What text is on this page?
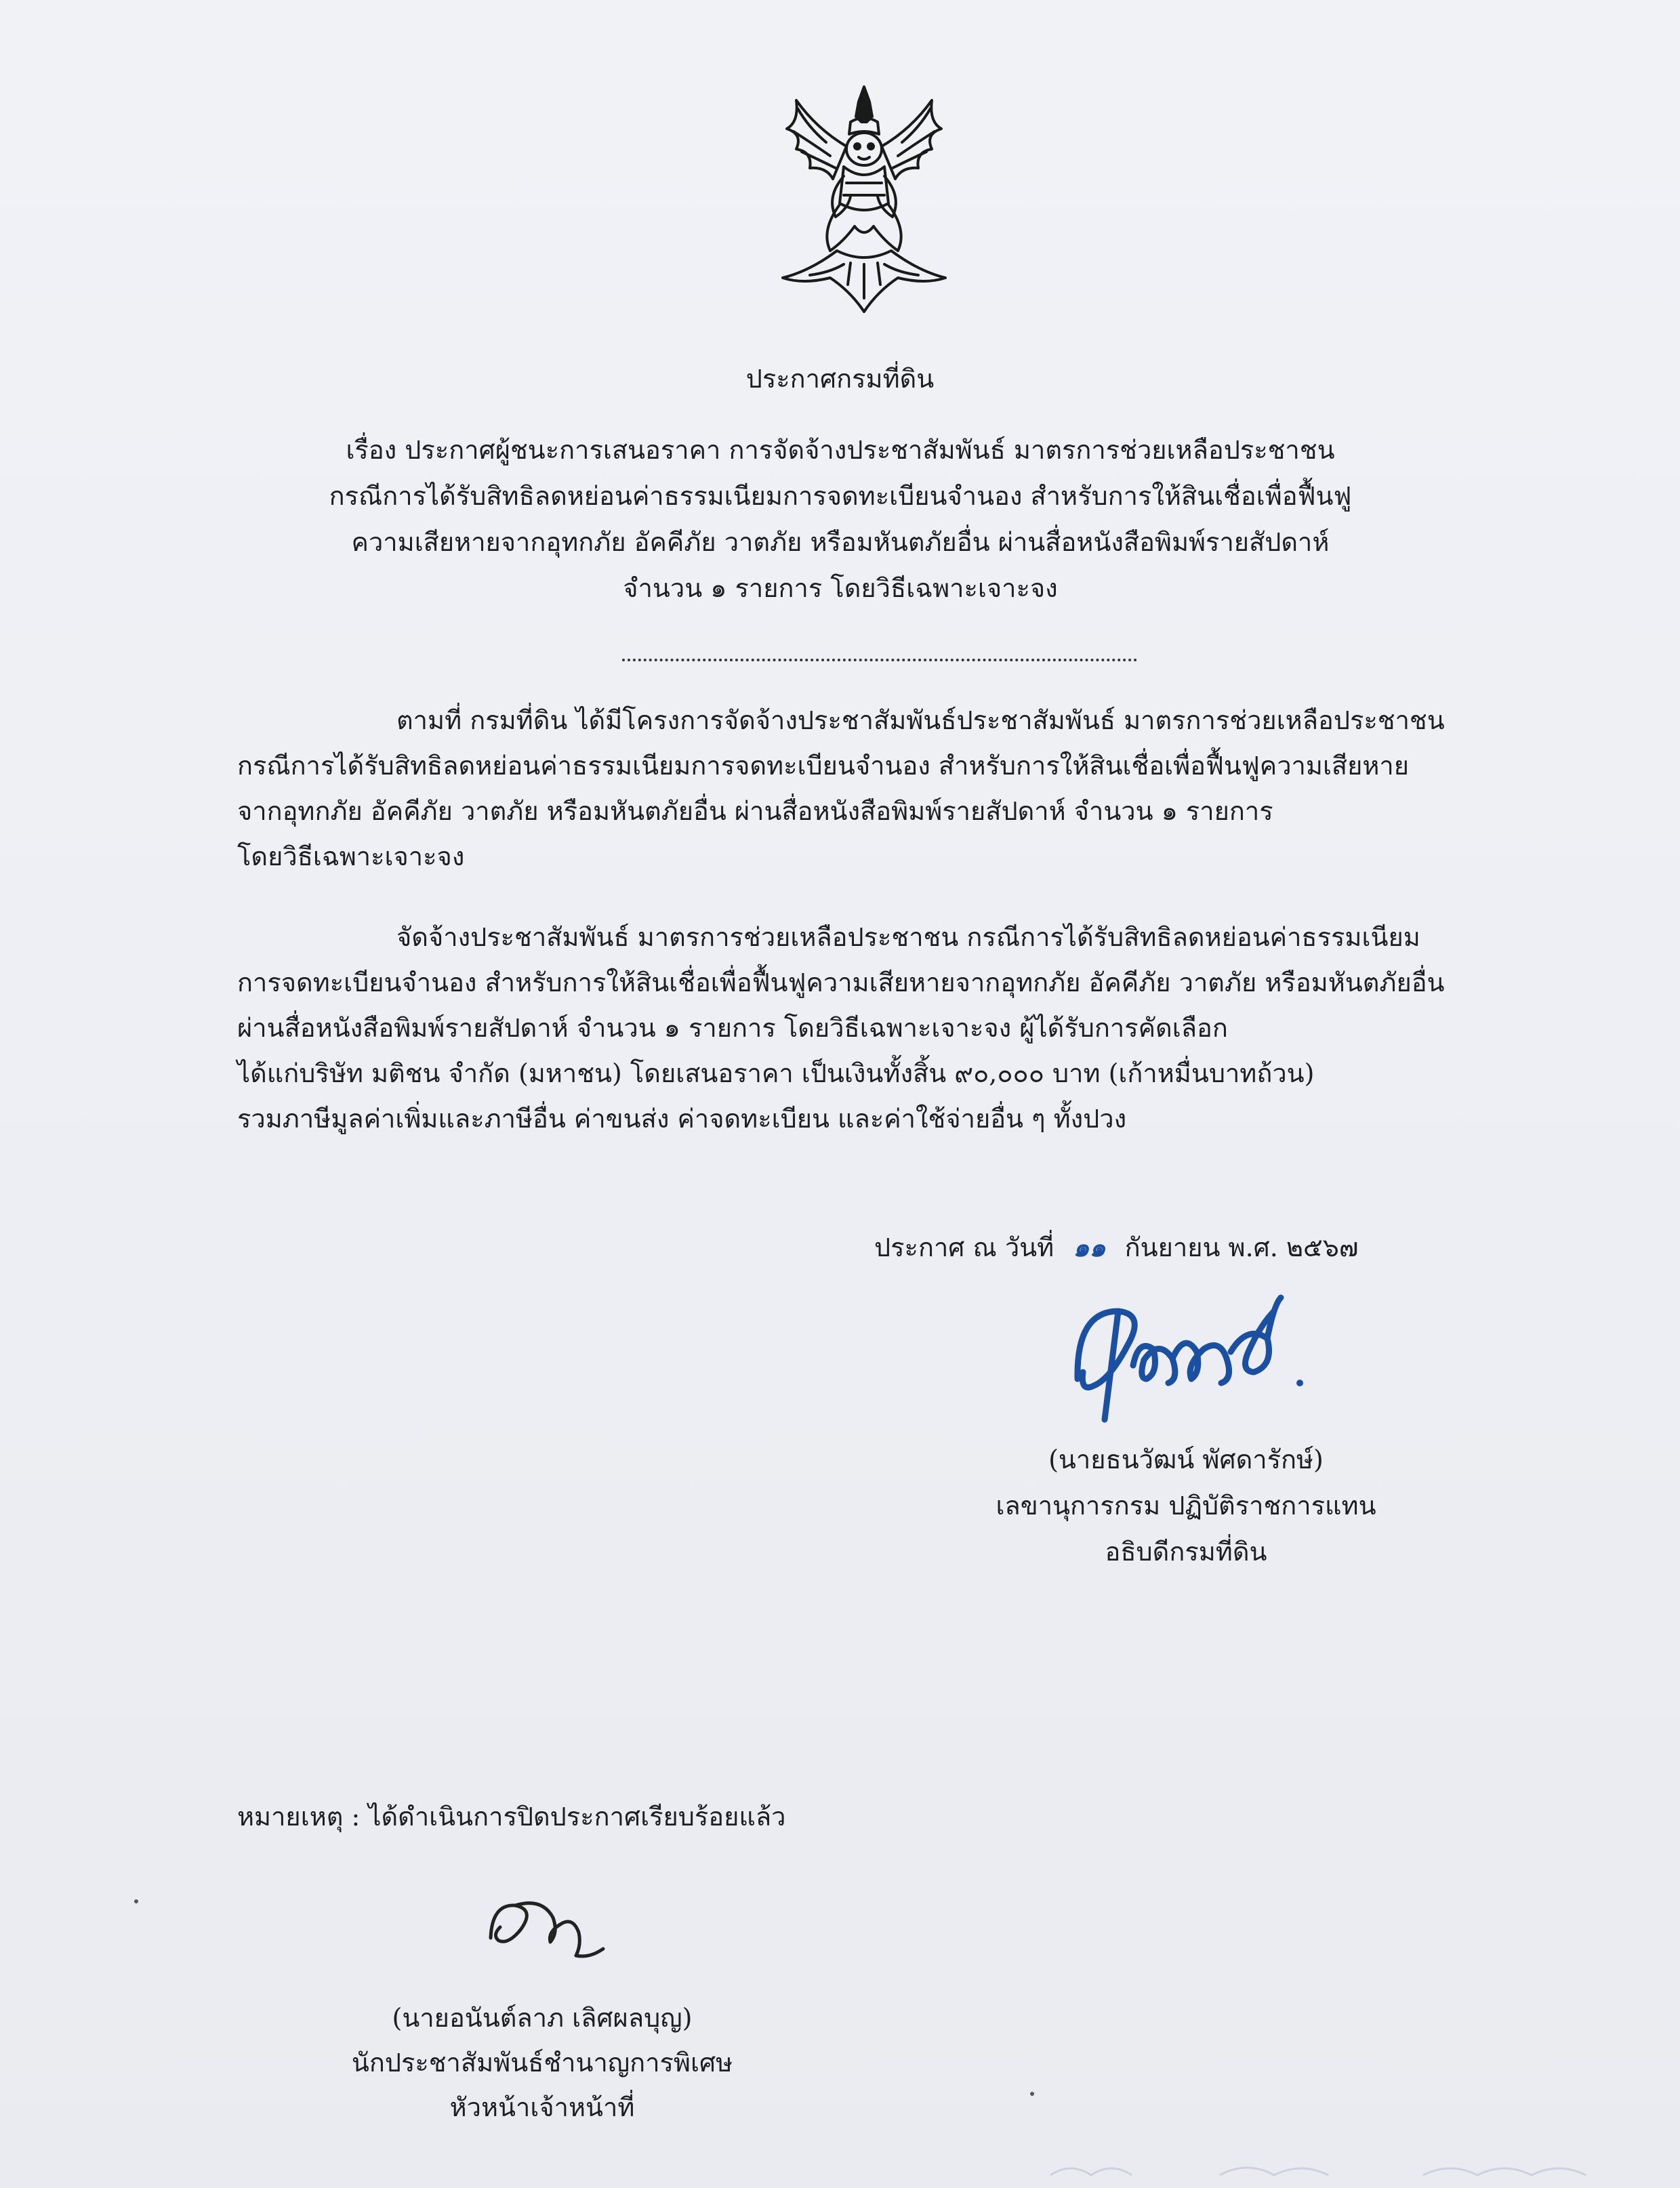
ประกาศกรมที่ดิน
เรื่อง ประกาศผู้ชนะการเสนอราคา การจัดจ้างประชาสัมพันธ์ มาตรการช่วยเหลือประชาชน
กรณีการได้รับสิทธิลดหย่อนค่าธรรมเนียมการจดทะเบียนจำนอง สำหรับการให้สินเชื่อเพื่อฟื้นฟู
ความเสียหายจากอุทกภัย อัคคีภัย วาตภัย หรือมหันตภัยอื่น ผ่านสื่อหนังสือพิมพ์รายสัปดาห์
จำนวน ๑ รายการ โดยวิธีเฉพาะเจาะจง
ตามที่ กรมที่ดิน ได้มีโครงการจัดจ้างประชาสัมพันธ์ประชาสัมพันธ์ มาตรการช่วยเหลือประชาชน
กรณีการได้รับสิทธิลดหย่อนค่าธรรมเนียมการจดทะเบียนจำนอง สำหรับการให้สินเชื่อเพื่อฟื้นฟูความเสียหาย
จากอุทกภัย อัคคีภัย วาตภัย หรือมหันตภัยอื่น ผ่านสื่อหนังสือพิมพ์รายสัปดาห์ จำนวน ๑ รายการ
โดยวิธีเฉพาะเจาะจง
จัดจ้างประชาสัมพันธ์ มาตรการช่วยเหลือประชาชน กรณีการได้รับสิทธิลดหย่อนค่าธรรมเนียม
การจดทะเบียนจำนอง สำหรับการให้สินเชื่อเพื่อฟื้นฟูความเสียหายจากอุทกภัย อัคคีภัย วาตภัย หรือมหันตภัยอื่น
ผ่านสื่อหนังสือพิมพ์รายสัปดาห์ จำนวน ๑ รายการ โดยวิธีเฉพาะเจาะจง ผู้ได้รับการคัดเลือก
ได้แก่บริษัท มติชน จำกัด (มหาชน) โดยเสนอราคา เป็นเงินทั้งสิ้น ๙๐,๐๐๐ บาท (เก้าหมื่นบาทถ้วน)
รวมภาษีมูลค่าเพิ่มและภาษีอื่น ค่าขนส่ง ค่าจดทะเบียน และค่าใช้จ่ายอื่น ๆ ทั้งปวง
ประกาศ ณ วันที่ ๑๑ กันยายน พ.ศ. ๒๕๖๗
(นายธนวัฒน์ พัศดารักษ์)
เลขานุการกรม ปฏิบัติราชการแทน
อธิบดีกรมที่ดิน
หมายเหตุ : ได้ดำเนินการปิดประกาศเรียบร้อยแล้ว
(นายอนันต์ลาภ เลิศผลบุญ)
นักประชาสัมพันธ์ชำนาญการพิเศษ
หัวหน้าเจ้าหน้าที่
